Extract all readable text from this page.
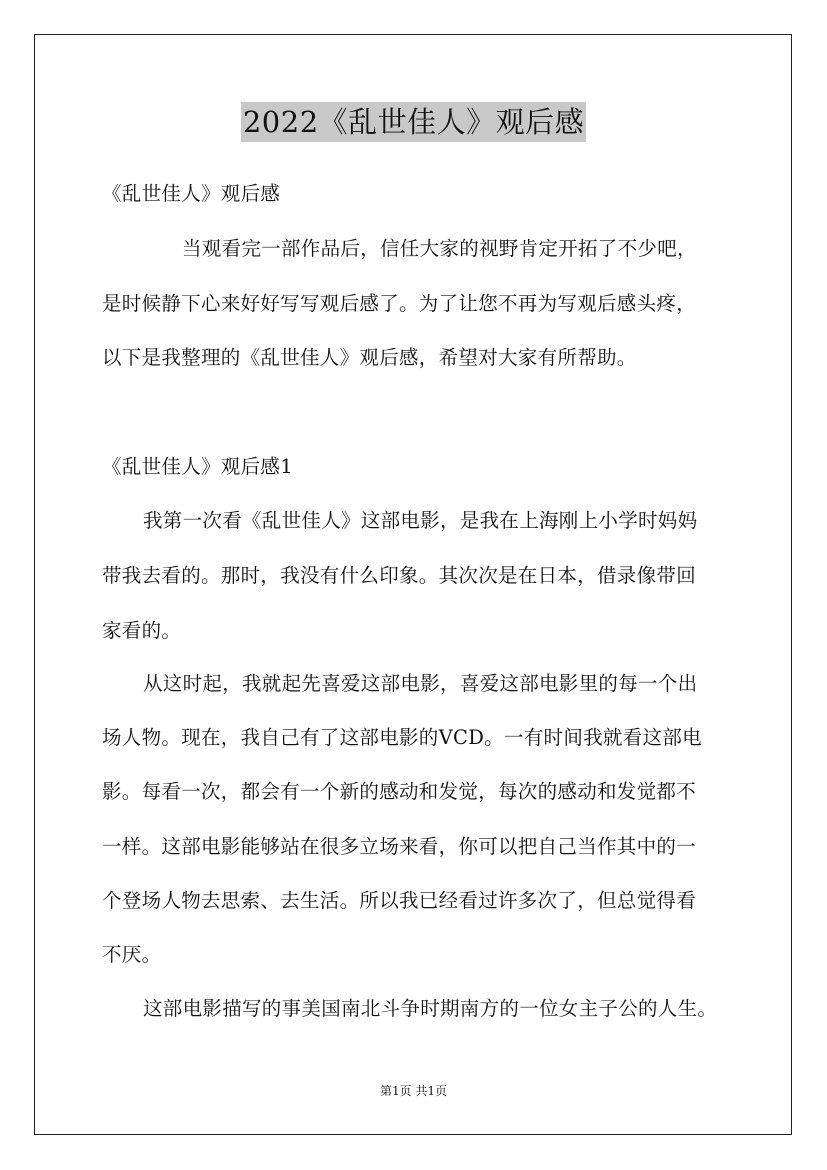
2022《乱世佳人》观后感
《乱世佳人》观后感
当观看完一部作品后，信任大家的视野肯定开拓了不少吧，
是时候静下心来好好写写观后感了。为了让您不再为写观后感头疼，
以下是我整理的《乱世佳人》观后感，希望对大家有所帮助。
《乱世佳人》观后感1
我第一次看《乱世佳人》这部电影，是我在上海刚上小学时妈妈
带我去看的。那时，我没有什么印象。其次次是在日本，借录像带回
家看的。
从这时起，我就起先喜爱这部电影，喜爱这部电影里的每一个出
场人物。现在，我自己有了这部电影的VCD。一有时间我就看这部电
影。每看一次，都会有一个新的感动和发觉，每次的感动和发觉都不
一样。这部电影能够站在很多立场来看，你可以把自己当作其中的一
个登场人物去思索、去生活。所以我已经看过许多次了，但总觉得看
不厌。
这部电影描写的事美国南北斗争时期南方的一位女主子公的人生。
第1页 共1页
